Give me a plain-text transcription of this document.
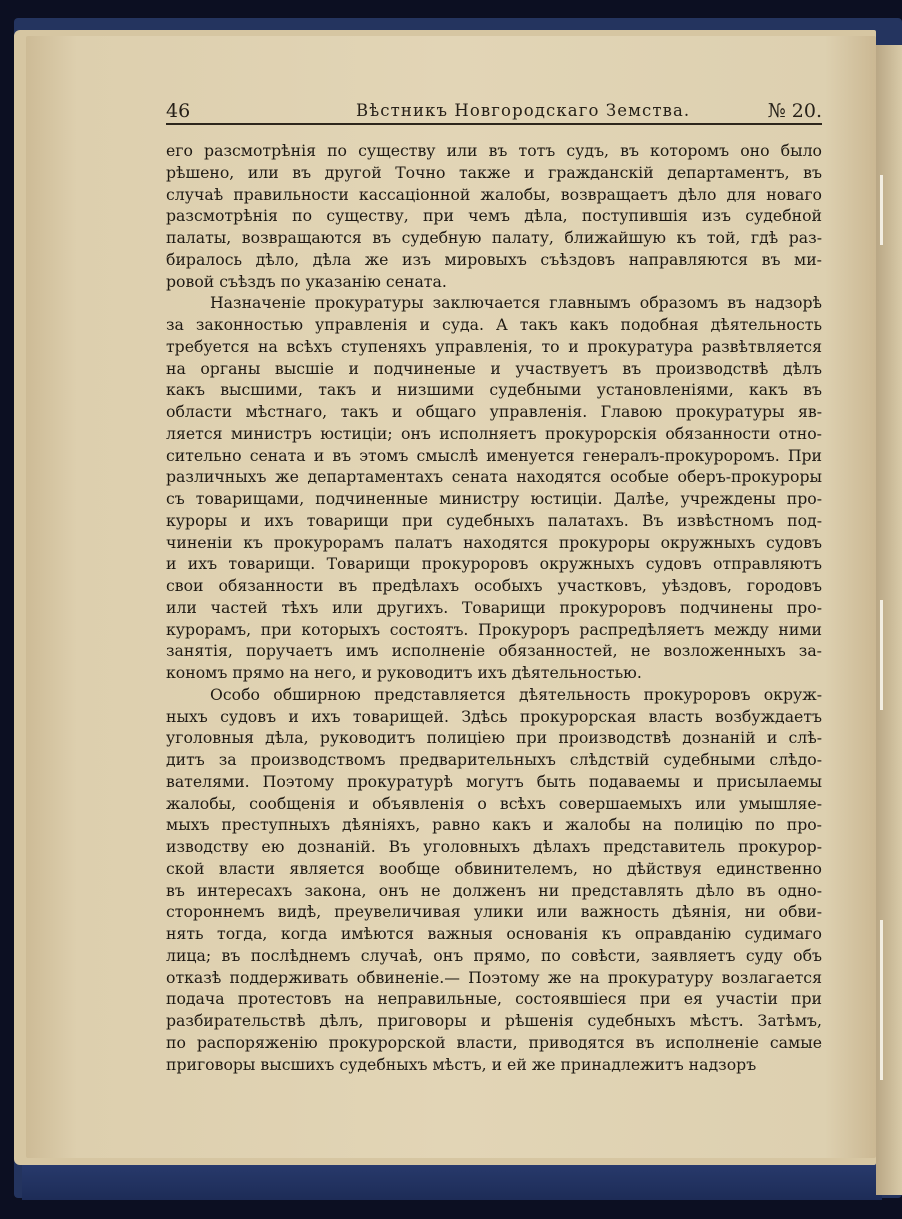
46	Вѣстникъ Новгородскаго Земства.	№ 20.
его разсмотрѣнія по существу или въ тотъ судъ, въ которомъ оно было
рѣшено, или въ другой Точно также и гражданскій департаментъ, въ
случаѣ правильности кассаціонной жалобы, возвращаетъ дѣло для новаго
разсмотрѣнія по существу, при чемъ дѣла, поступившія изъ судебной
палаты, возвращаются въ судебную палату, ближайшую къ той, гдѣ раз-
биралось дѣло, дѣла же изъ мировыхъ съѣздовъ направляются въ ми-
ровой съѣздъ по указанію сената.
Назначеніе прокуратуры заключается главнымъ образомъ въ надзорѣ
за законностью управленія и суда. А такъ какъ подобная дѣятельность
требуется на всѣхъ ступеняхъ управленія, то и прокуратура развѣтвляется
на органы высшіе и подчиненые и участвуетъ въ производствѣ дѣлъ
какъ высшими, такъ и низшими судебными установленіями, какъ въ
области мѣстнаго, такъ и общаго управленія. Главою прокуратуры яв-
ляется министръ юстиціи; онъ исполняетъ прокурорскія обязанности отно-
сительно сената и въ этомъ смыслѣ именуется генералъ-прокуроромъ. При
различныхъ же департаментахъ сената находятся особые оберъ-прокуроры
съ товарищами, подчиненные министру юстиціи. Далѣе, учреждены про-
куроры и ихъ товарищи при судебныхъ палатахъ. Въ извѣстномъ под-
чиненіи къ прокурорамъ палатъ находятся прокуроры окружныхъ судовъ
и ихъ товарищи. Товарищи прокуроровъ окружныхъ судовъ отправляютъ
свои обязанности въ предѣлахъ особыхъ участковъ, уѣздовъ, городовъ
или частей тѣхъ или другихъ. Товарищи прокуроровъ подчинены про-
курорамъ, при которыхъ состоятъ. Прокуроръ распредѣляетъ между ними
занятія, поручаетъ имъ исполненіе обязанностей, не возложенныхъ за-
кономъ прямо на него, и руководитъ ихъ дѣятельностью.
Особо обширною представляется дѣятельность прокуроровъ окруж-
ныхъ судовъ и ихъ товарищей. Здѣсь прокурорская власть возбуждаетъ
уголовныя дѣла, руководитъ полиціею при производствѣ дознаній и слѣ-
дитъ за производствомъ предварительныхъ слѣдствій судебными слѣдо-
вателями. Поэтому прокуратурѣ могутъ быть подаваемы и присылаемы
жалобы, сообщенія и объявленія о всѣхъ совершаемыхъ или умышляе-
мыхъ преступныхъ дѣяніяхъ, равно какъ и жалобы на полицію по про-
изводству ею дознаній. Въ уголовныхъ дѣлахъ представитель прокурор-
ской власти является вообще обвинителемъ, но дѣйствуя единственно
въ интересахъ закона, онъ не долженъ ни представлять дѣло въ одно-
стороннемъ видѣ, преувеличивая улики или важность дѣянія, ни обви-
нять тогда, когда имѣются важныя основанія къ оправданію судимаго
лица; въ послѣднемъ случаѣ, онъ прямо, по совѣсти, заявляетъ суду объ
отказѣ поддерживать обвиненіе.— Поэтому же на прокуратуру возлагается
подача протестовъ на неправильные, состоявшіеся при ея участіи при
разбирательствѣ дѣлъ, приговоры и рѣшенія судебныхъ мѣстъ. Затѣмъ,
по распоряженію прокурорской власти, приводятся въ исполненіе самые
приговоры высшихъ судебныхъ мѣстъ, и ей же принадлежитъ надзоръ
